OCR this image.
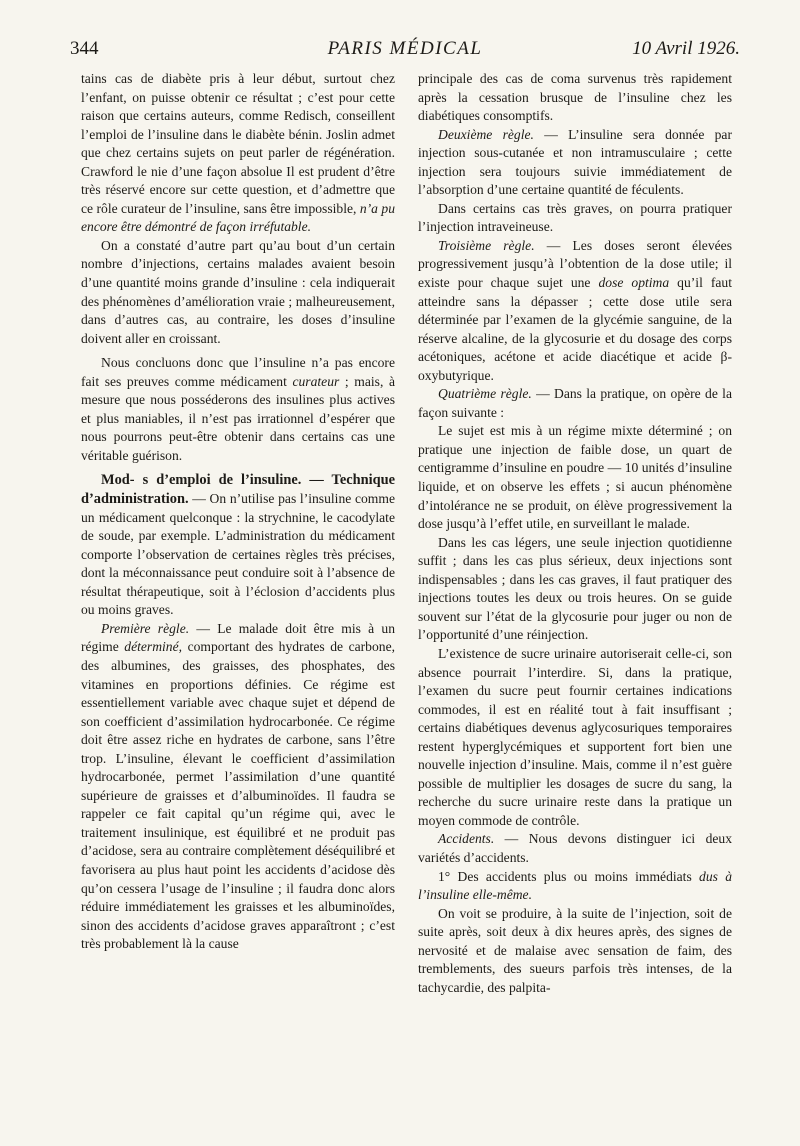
344	PARIS MÉDICAL	10 Avril 1926.

tains cas de diabète pris à leur début, surtout chez l’enfant, on puisse obtenir ce résultat ; c’est pour cette raison que certains auteurs, comme Redisch, conseillent l’emploi de l’insuline dans le diabète bénin. Joslin admet que chez certains sujets on peut parler de régénération. Crawford le nie d’une façon absolue Il est prudent d’être très réservé encore sur cette question, et d’admettre que ce rôle curateur de l’insuline, sans être impossible, n’a pu encore être démontré de façon irréfutable.

On a constaté d’autre part qu’au bout d’un certain nombre d’injections, certains malades avaient besoin d’une quantité moins grande d’insuline : cela indiquerait des phénomènes d’amélioration vraie ; malheureusement, dans d’autres cas, au contraire, les doses d’insuline doivent aller en croissant.

Nous concluons donc que l’insuline n’a pas encore fait ses preuves comme médicament curateur ; mais, à mesure que nous posséderons des insulines plus actives et plus maniables, il n’est pas irrationnel d’espérer que nous pourrons peut-être obtenir dans certains cas une véritable guérison.

Mod- s d’emploi de l’insuline. — Technique d’administration. — On n’utilise pas l’insuline comme un médicament quelconque : la strychnine, le cacodylate de soude, par exemple. L’administration du médicament comporte l’observation de certaines règles très précises, dont la méconnaissance peut conduire soit à l’absence de résultat thérapeutique, soit à l’éclosion d’accidents plus ou moins graves.

Première règle. — Le malade doit être mis à un régime déterminé, comportant des hydrates de carbone, des albumines, des graisses, des phosphates, des vitamines en proportions définies. Ce régime est essentiellement variable avec chaque sujet et dépend de son coefficient d’assimilation hydrocarbonée. Ce régime doit être assez riche en hydrates de carbone, sans l’être trop. L’insuline, élevant le coefficient d’assimilation hydrocarbonée, permet l’assimilation d’une quantité supérieure de graisses et d’albuminoïdes. Il faudra se rappeler ce fait capital qu’un régime qui, avec le traitement insulinique, est équilibré et ne produit pas d’acidose, sera au contraire complètement déséquilibré et favorisera au plus haut point les accidents d’acidose dès qu’on cessera l’usage de l’insuline ; il faudra donc alors réduire immédiatement les graisses et les albuminoïdes, sinon des accidents d’acidose graves apparaîtront ; c’est très probablement là la cause

principale des cas de coma survenus très rapidement après la cessation brusque de l’insuline chez les diabétiques consomptifs.

Deuxième règle. — L’insuline sera donnée par injection sous-cutanée et non intramusculaire ; cette injection sera toujours suivie immédiatement de l’absorption d’une certaine quantité de féculents.

Dans certains cas très graves, on pourra pratiquer l’injection intraveineuse.

Troisième règle. — Les doses seront élevées progressivement jusqu’à l’obtention de la dose utile; il existe pour chaque sujet une dose optima qu’il faut atteindre sans la dépasser ; cette dose utile sera déterminée par l’examen de la glycémie sanguine, de la réserve alcaline, de la glycosurie et du dosage des corps acétoniques, acétone et acide diacétique et acide β-oxybutyrique.

Quatrième règle. — Dans la pratique, on opère de la façon suivante :

Le sujet est mis à un régime mixte déterminé ; on pratique une injection de faible dose, un quart de centigramme d’insuline en poudre — 10 unités d’insuline liquide, et on observe les effets ; si aucun phénomène d’intolérance ne se produit, on élève progressivement la dose jusqu’à l’effet utile, en surveillant le malade.

Dans les cas légers, une seule injection quotidienne suffit ; dans les cas plus sérieux, deux injections sont indispensables ; dans les cas graves, il faut pratiquer des injections toutes les deux ou trois heures. On se guide souvent sur l’état de la glycosurie pour juger ou non de l’opportunité d’une réinjection.

L’existence de sucre urinaire autoriserait celle-ci, son absence pourrait l’interdire. Si, dans la pratique, l’examen du sucre peut fournir certaines indications commodes, il est en réalité tout à fait insuffisant ; certains diabétiques devenus aglycosuriques temporaires restent hyperglycémiques et supportent fort bien une nouvelle injection d’insuline. Mais, comme il n’est guère possible de multiplier les dosages de sucre du sang, la recherche du sucre urinaire reste dans la pratique un moyen commode de contrôle.

Accidents. — Nous devons distinguer ici deux variétés d’accidents.

1° Des accidents plus ou moins immédiats dus à l’insuline elle-même.

On voit se produire, à la suite de l’injection, soit de suite après, soit deux à dix heures après, des signes de nervosité et de malaise avec sensation de faim, des tremblements, des sueurs parfois très intenses, de la tachycardie, des palpita-
